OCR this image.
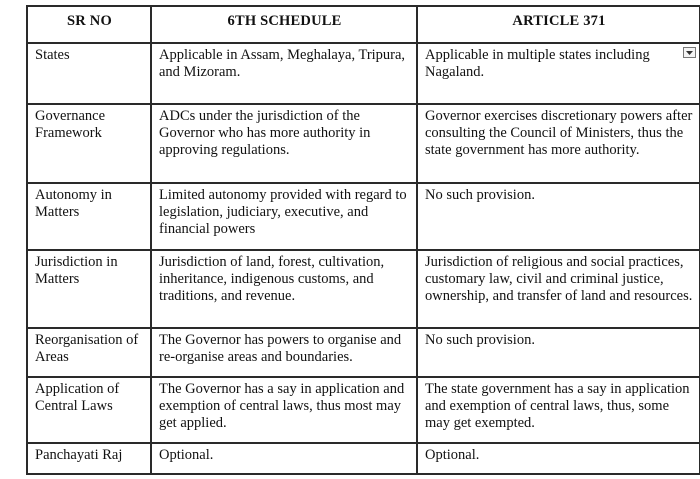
SR NO	6TH SCHEDULE	ARTICLE 371
States	Applicable in Assam, Meghalaya, Tripura, and Mizoram.	Applicable in multiple states including Nagaland.

Governance Framework	ADCs under the jurisdiction of the Governor who has more authority in approving regulations.	Governor exercises discretionary powers after consulting the Council of Ministers, thus the state government has more authority.
Autonomy in Matters	Limited autonomy provided with regard to legislation, judiciary, executive, and financial powers	No such provision.
Jurisdiction in Matters	Jurisdiction of land, forest, cultivation, inheritance, indigenous customs, and traditions, and revenue.	Jurisdiction of religious and social practices, customary law, civil and criminal justice, ownership, and transfer of land and resources.
Reorganisation of Areas	The Governor has powers to organise and re-organise areas and boundaries.	No such provision.
Application of Central Laws	The Governor has a say in application and exemption of central laws, thus most may get applied.	The state government has a say in application and exemption of central laws, thus, some may get exempted.
Panchayati Raj	Optional.	Optional.
